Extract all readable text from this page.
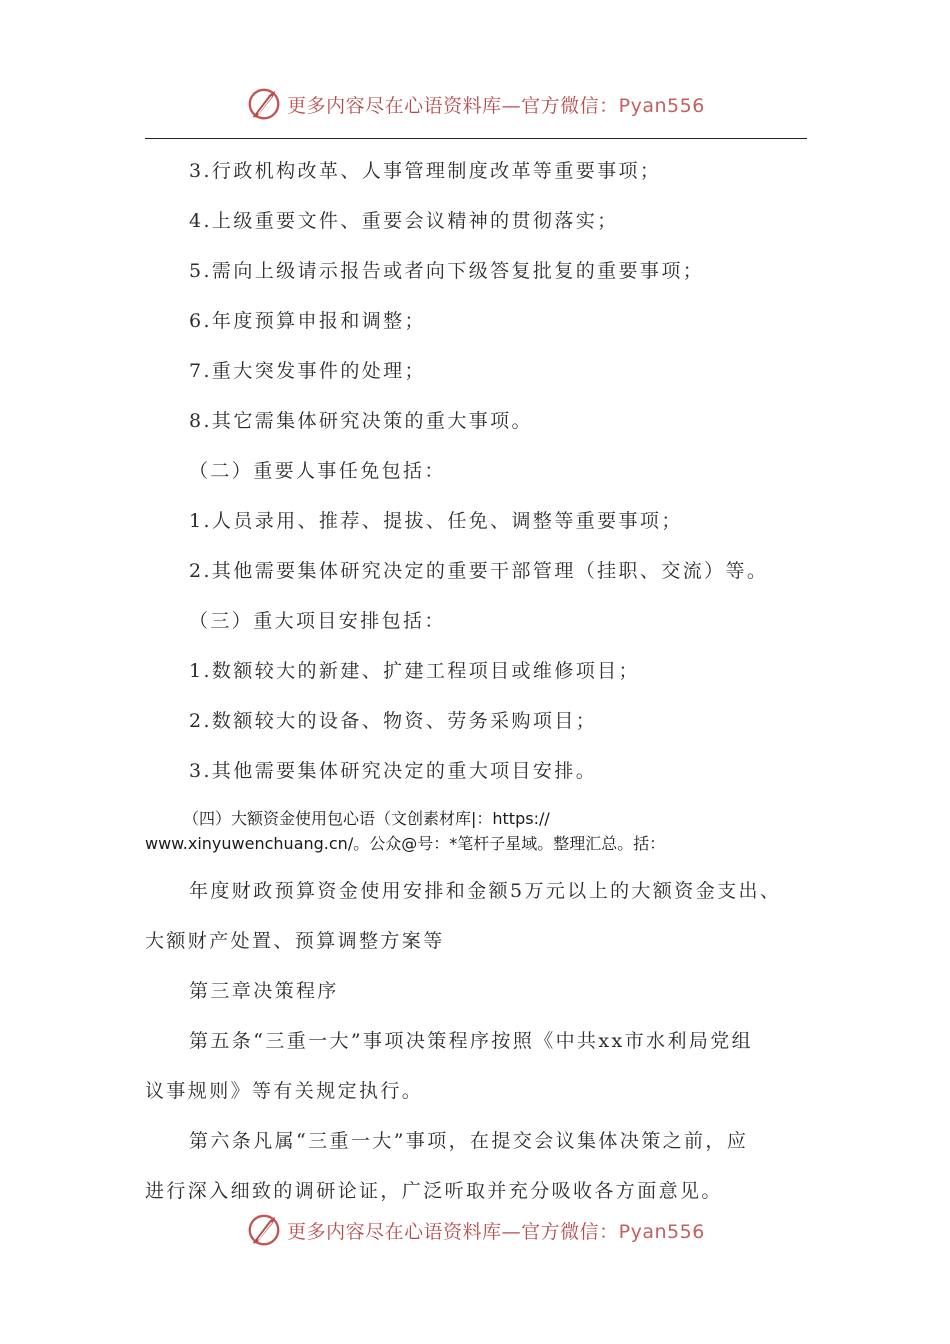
更多内容尽在心语资料库—官方微信：Pyan556
3.行政机构改革、人事管理制度改革等重要事项；
4.上级重要文件、重要会议精神的贯彻落实；
5.需向上级请示报告或者向下级答复批复的重要事项；
6.年度预算申报和调整；
7.重大突发事件的处理；
8.其它需集体研究决策的重大事项。
（二）重要人事任免包括：
1.人员录用、推荐、提拔、任免、调整等重要事项；
2.其他需要集体研究决定的重要干部管理（挂职、交流）等。
（三）重大项目安排包括：
1.数额较大的新建、扩建工程项目或维修项目；
2.数额较大的设备、物资、劳务采购项目；
3.其他需要集体研究决定的重大项目安排。
（四）大额资金使用包心语（文创素材库|：https://
www.xinyuwenchuang.cn/。公众@号：*笔杆子星域。整理汇总。括：
年度财政预算资金使用安排和金额5万元以上的大额资金支出、
大额财产处置、预算调整方案等
第三章决策程序
第五条“三重一大”事项决策程序按照《中共xx市水利局党组
议事规则》等有关规定执行。
第六条凡属“三重一大”事项，在提交会议集体决策之前，应
进行深入细致的调研论证，广泛听取并充分吸收各方面意见。
更多内容尽在心语资料库—官方微信：Pyan556
